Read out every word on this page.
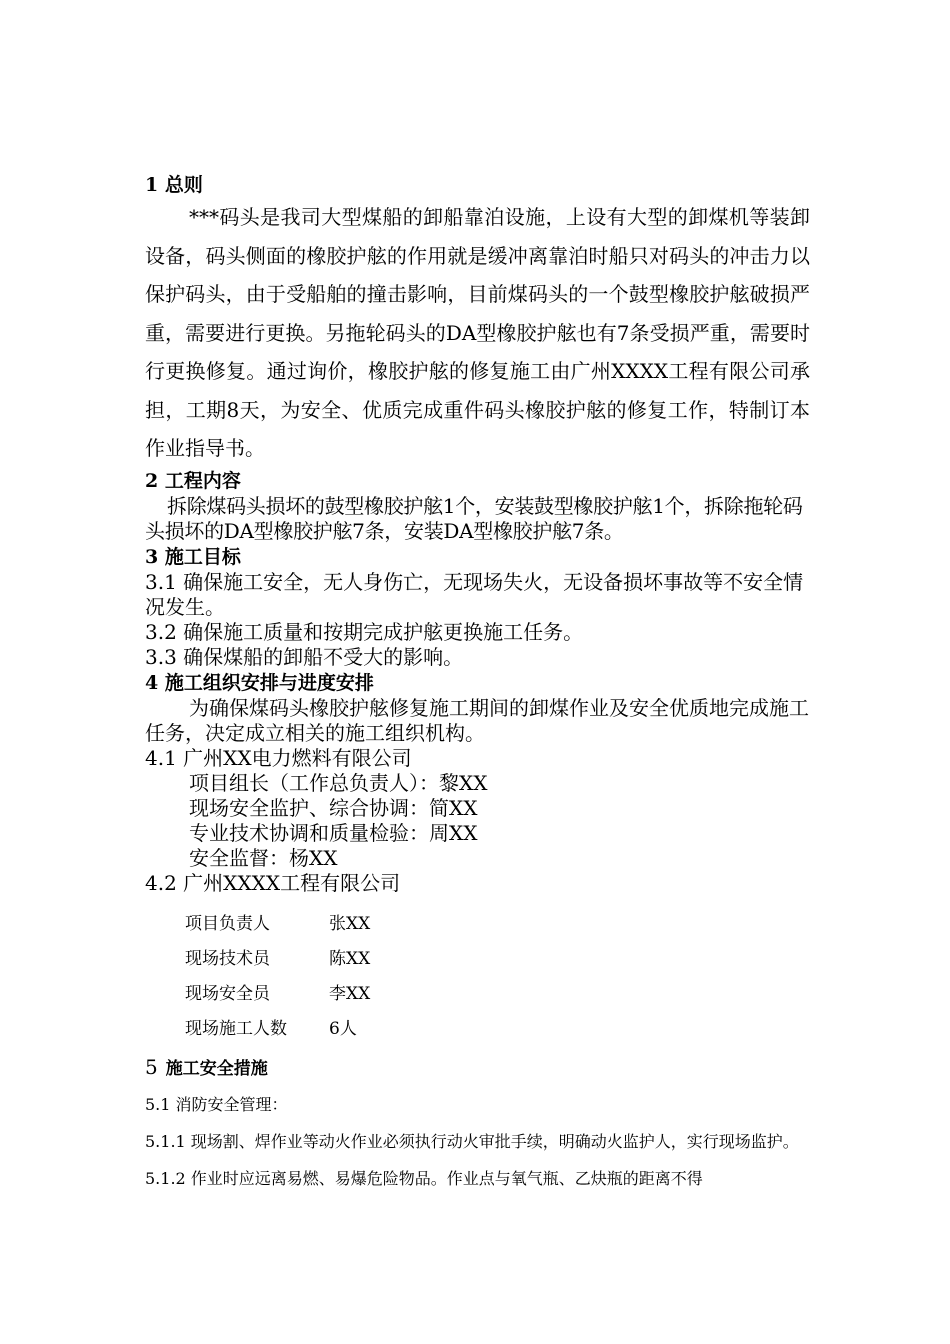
1 总则

***码头是我司大型煤船的卸船靠泊设施，上设有大型的卸煤机等装卸设备，码头侧面的橡胶护舷的作用就是缓冲离靠泊时船只对码头的冲击力以保护码头，由于受船舶的撞击影响，目前煤码头的一个鼓型橡胶护舷破损严重，需要进行更换。另拖轮码头的DA型橡胶护舷也有7条受损严重，需要时行更换修复。通过询价，橡胶护舷的修复施工由广州XXXX工程有限公司承担，工期8天，为安全、优质完成重件码头橡胶护舷的修复工作，特制订本作业指导书。

2 工程内容

拆除煤码头损坏的鼓型橡胶护舷1个，安装鼓型橡胶护舷1个，拆除拖轮码头损坏的DA型橡胶护舷7条，安装DA型橡胶护舷7条。

3 施工目标

3.1 确保施工安全，无人身伤亡，无现场失火，无设备损坏事故等不安全情况发生。

3.2 确保施工质量和按期完成护舷更换施工任务。

3.3 确保煤船的卸船不受大的影响。

4 施工组织安排与进度安排

为确保煤码头橡胶护舷修复施工期间的卸煤作业及安全优质地完成施工任务，决定成立相关的施工组织机构。

4.1 广州XX电力燃料有限公司

项目组长（工作总负责人）：黎XX

现场安全监护、综合协调：简XX

专业技术协调和质量检验：周XX

安全监督：杨XX

4.2 广州XXXX工程有限公司

项目负责人	张XX
现场技术员	陈XX
现场安全员	李XX
现场施工人数	6人
5 施工安全措施

5.1 消防安全管理：

5.1.1 现场割、焊作业等动火作业必须执行动火审批手续，明确动火监护人，实行现场监护。

5.1.2 作业时应远离易燃、易爆危险物品。作业点与氧气瓶、乙炔瓶的距离不得
